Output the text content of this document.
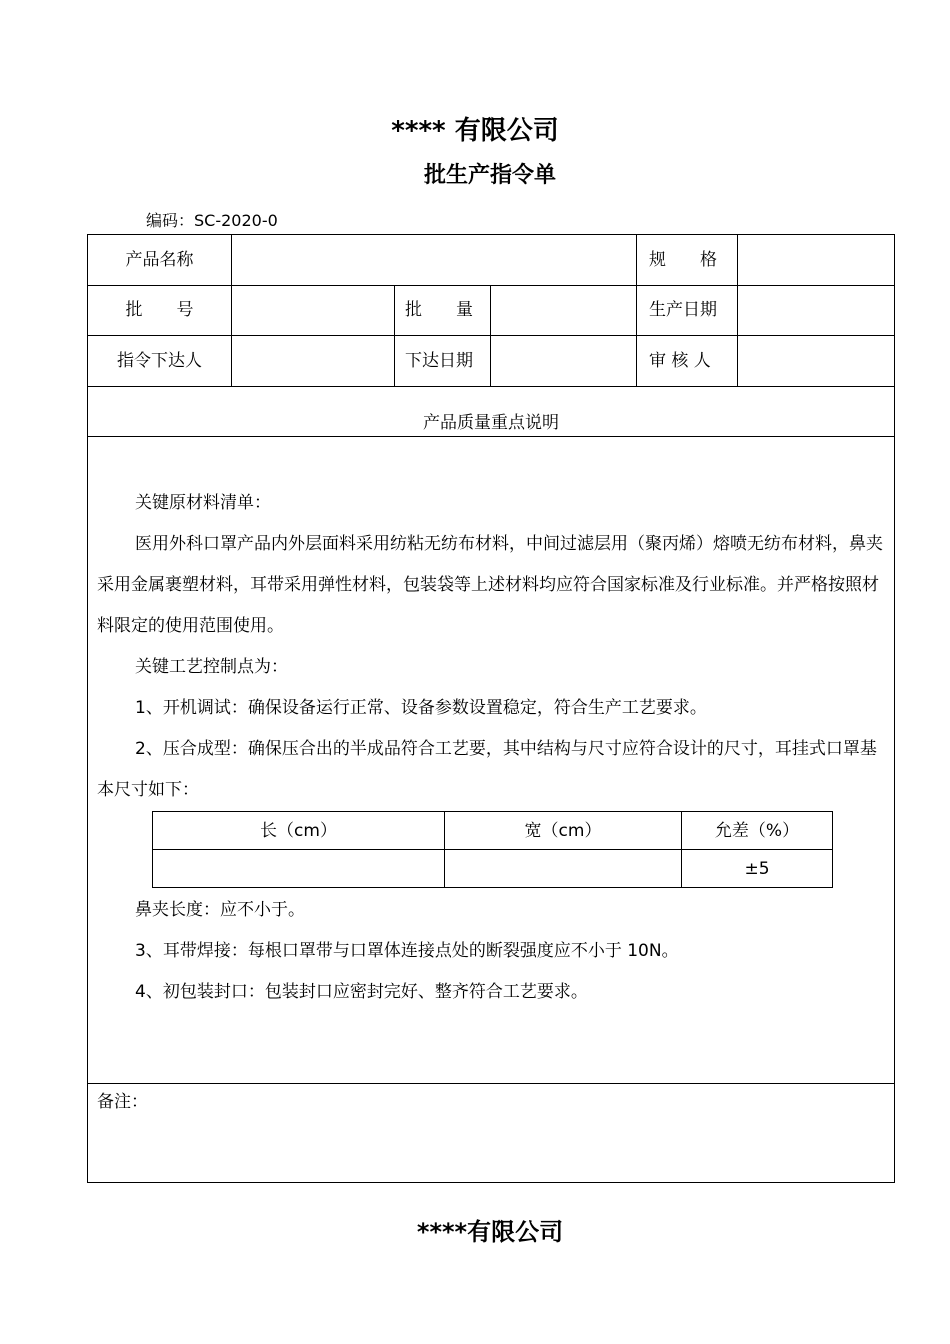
**** 有限公司
批生产指令单
编码：SC-2020-0
产品名称	规　　格
批　　号	批　　量	生产日期
指令下达人	下达日期	审 核 人
产品质量重点说明

关键原材料清单：

医用外科口罩产品内外层面料采用纺粘无纺布材料，中间过滤层用（聚丙烯）熔喷无纺布材料，鼻夹采用金属裹塑材料，耳带采用弹性材料，包装袋等上述材料均应符合国家标准及行业标准。并严格按照材料限定的使用范围使用。

关键工艺控制点为：

1、开机调试：确保设备运行正常、设备参数设置稳定，符合生产工艺要求。

2、压合成型：确保压合出的半成品符合工艺要，其中结构与尺寸应符合设计的尺寸，耳挂式口罩基本尺寸如下：

长（cm）	宽（cm）	允差（%）
		±5

鼻夹长度：应不小于。

3、耳带焊接：每根口罩带与口罩体连接点处的断裂强度应不小于 10N。

4、初包装封口：包装封口应密封完好、整齐符合工艺要求。

备注：
****有限公司
